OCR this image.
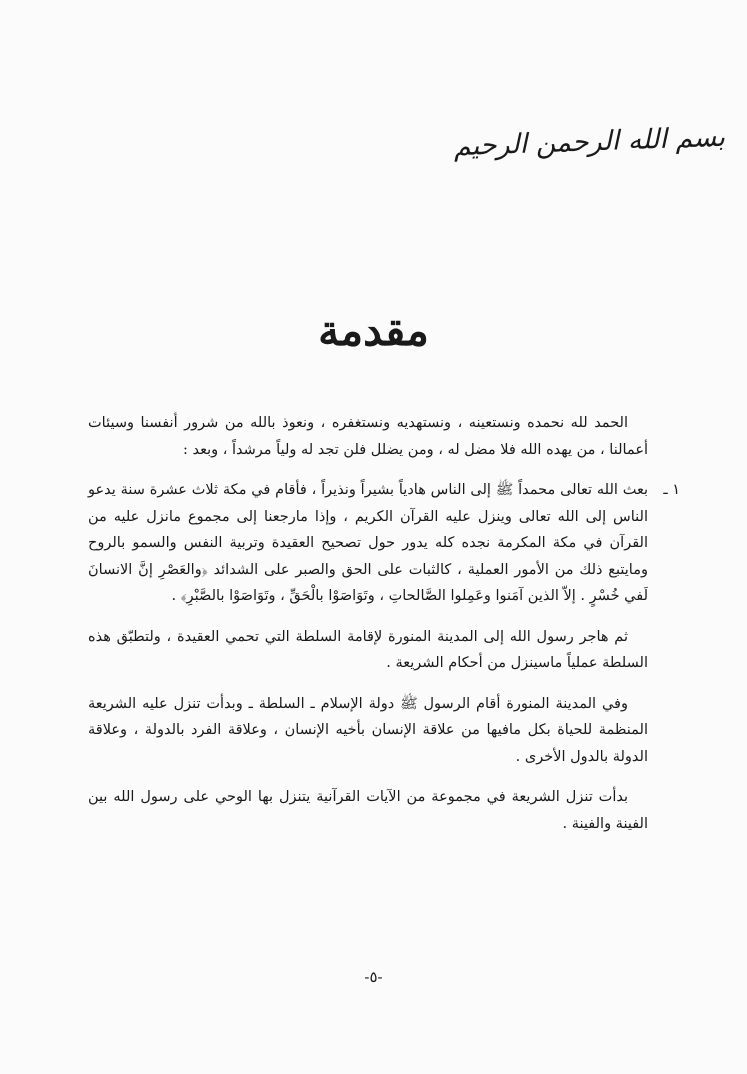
بسم الله الرحمن الرحيم
مقدمة

الحمد لله نحمده ونستعينه ، ونستهديه ونستغفره ، ونعوذ بالله من شرور أنفسنا وسيئات أعمالنا ، من يهده الله فلا مضل له ، ومن يضلل فلن تجد له ولياً مرشداً ، وبعد :

١ ـ

بعث الله تعالى محمداً ﷺ إلى الناس هادياً بشيراً ونذيراً ، فأقام في مكة ثلاث عشرة سنة يدعو الناس إلى الله تعالى وينزل عليه القرآن الكريم ، وإذا مارجعنا إلى مجموع مانزل عليه من القرآن في مكة المكرمة نجده كله يدور حول تصحيح العقيدة وتربية النفس والسمو بالروح ومايتبع ذلك من الأمور العملية ، كالثبات على الحق والصبر على الشدائد ﴿والعَصْرِ إنَّ الانسانَ لَفي خُسْرٍ . إلاّ الذين آمَنوا وعَمِلوا الصَّالحاتِ ، وتَوَاصَوْا بالْحَقِّ ، وتَوَاصَوْا بالصَّبْرِ﴾ .

ثم هاجر رسول الله إلى المدينة المنورة لإقامة السلطة التي تحمي العقيدة ، ولتطبّق هذه السلطة عملياً ماسينزل من أحكام الشريعة .

وفي المدينة المنورة أقام الرسول ﷺ دولة الإسلام ـ السلطة ـ وبدأت تنزل عليه الشريعة المنظمة للحياة بكل مافيها من علاقة الإنسان بأخيه الإنسان ، وعلاقة الفرد بالدولة ، وعلاقة الدولة بالدول الأخرى .

بدأت تنزل الشريعة في مجموعة من الآيات القرآنية يتنزل بها الوحي على رسول الله بين الفينة والفينة .

-٥-
